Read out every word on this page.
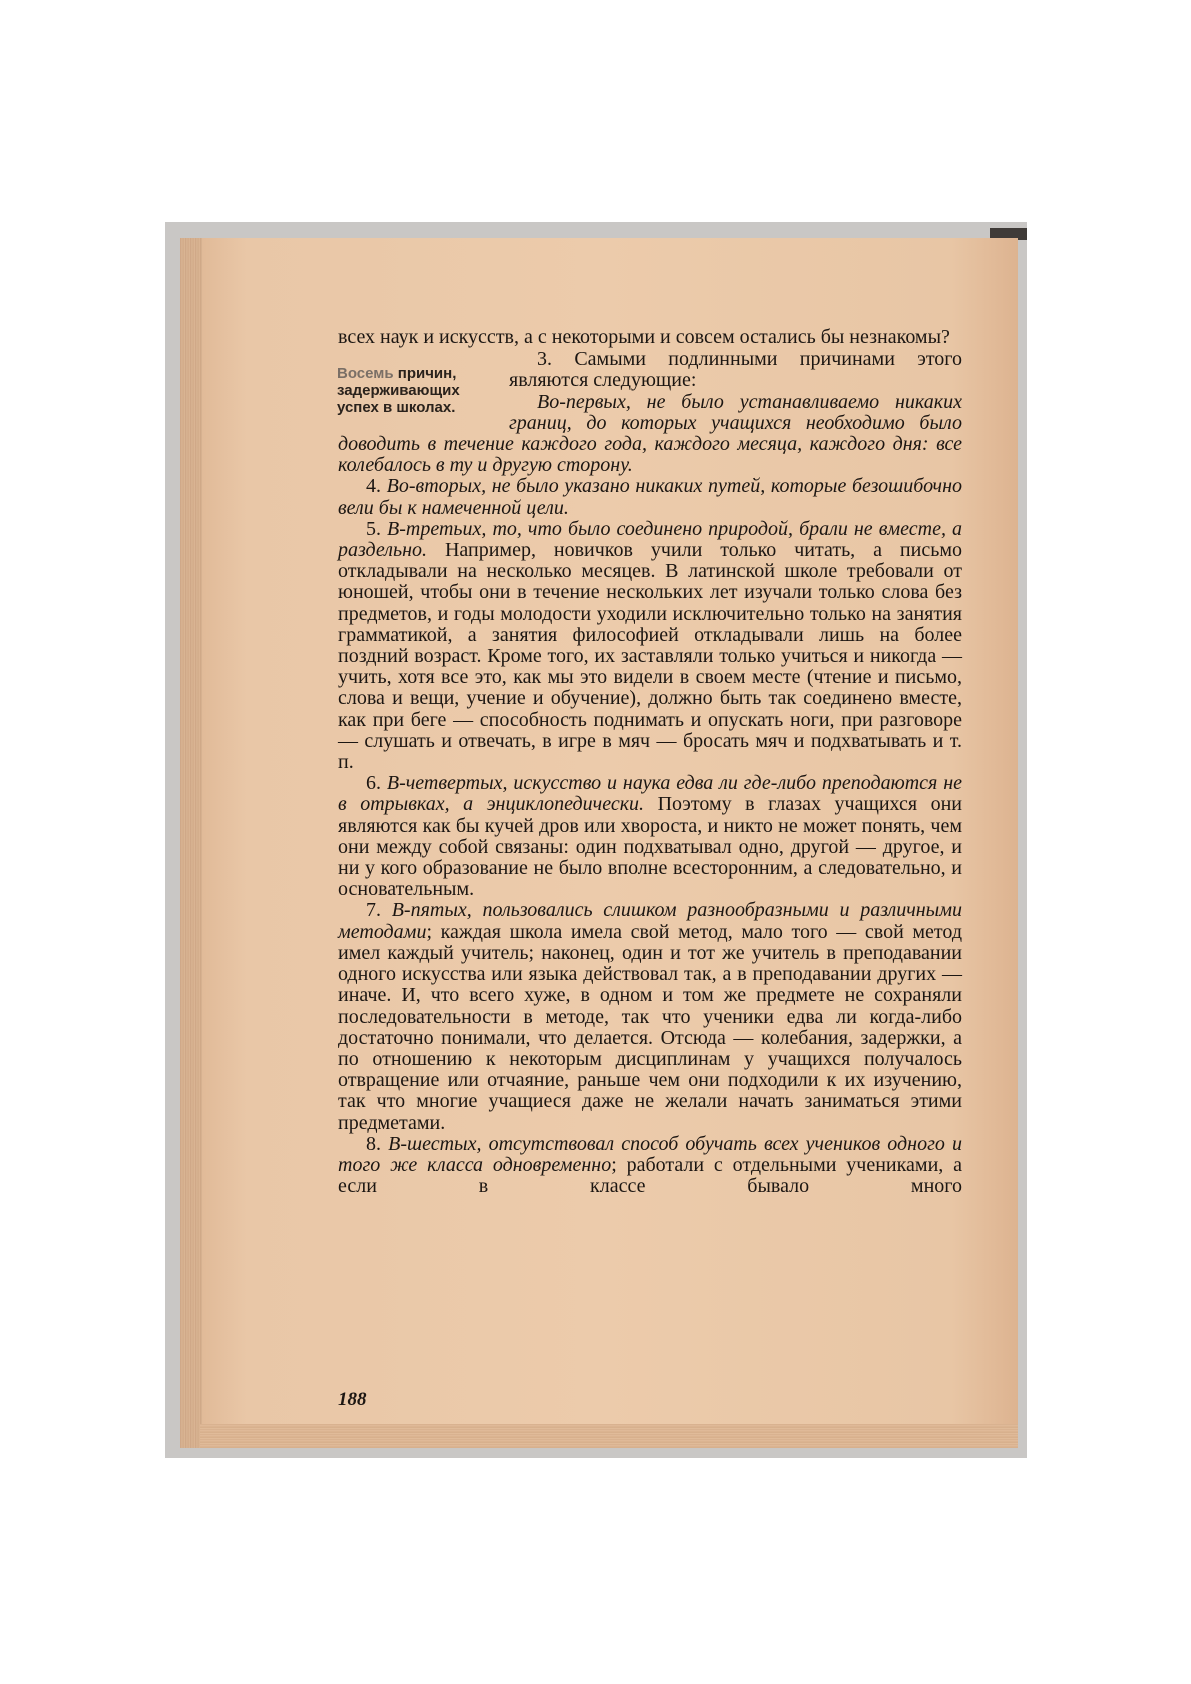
всех наук и искусств, а с некоторыми и совсем остались бы незнакомы?

Восемь причин,
задерживающих
успех в школах.

3. Самыми подлинными причинами этого являются следующие:

Во-первых, не было устанавливаемо никаких границ, до которых учащихся необходимо было доводить в течение каждого года, каждого месяца, каждого дня: все колебалось в ту и другую сторону.

4. Во-вторых, не было указано никаких путей, которые безошибочно вели бы к намеченной цели.

5. В-третьих, то, что было соединено природой, брали не вместе, а раздельно. Например, новичков учили только читать, а письмо откладывали на несколько месяцев. В латинской школе требовали от юношей, чтобы они в течение нескольких лет изучали только слова без предметов, и годы молодости уходили исключительно только на занятия грамматикой, а занятия философией откладывали лишь на более поздний возраст. Кроме того, их заставляли только учиться и никогда — учить, хотя все это, как мы это видели в своем месте (чтение и письмо, слова и вещи, учение и обучение), должно быть так соединено вместе, как при беге — способность поднимать и опускать ноги, при разговоре — слушать и отвечать, в игре в мяч — бросать мяч и подхватывать и т. п.

6. В-четвертых, искусство и наука едва ли где-либо преподаются не в отрывках, а энциклопедически. Поэтому в глазах учащихся они являются как бы кучей дров или хвороста, и никто не может понять, чем они между собой связаны: один подхватывал одно, другой — другое, и ни у кого образование не было вполне всесторонним, а следовательно, и основательным.

7. В-пятых, пользовались слишком разнообразными и различными методами; каждая школа имела свой метод, мало того — свой метод имел каждый учитель; наконец, один и тот же учитель в преподавании одного искусства или языка действовал так, а в преподавании других — иначе. И, что всего хуже, в одном и том же предмете не сохраняли последовательности в методе, так что ученики едва ли когда-либо достаточно понимали, что делается. Отсюда — колебания, задержки, а по отношению к некоторым дисциплинам у учащихся получалось отвращение или отчаяние, раньше чем они подходили к их изучению, так что многие учащиеся даже не желали начать заниматься этими предметами.

8. В-шестых, отсутствовал способ обучать всех учеников одного и того же класса одновременно; работали с отдельными учениками, а если в классе бывало много

188
